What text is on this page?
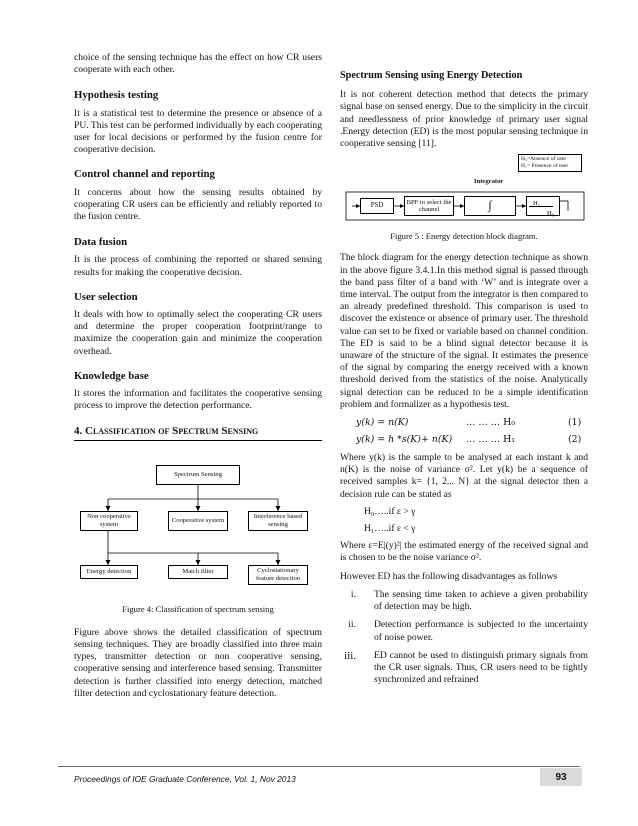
choice of the sensing technique has the effect on how CR users cooperate with each other.

Hypothesis testing

It is a statistical test to determine the presence or absence of a PU. This test can be performed individually by each cooperating user for local decisions or performed by the fusion centre for cooperative decision.

Control channel and reporting

It concerns about how the sensing results obtained by cooperating CR users can be efficiently and reliably reported to the fusion centre.

Data fusion

It is the process of combining the reported or shared sensing results for making the cooperative decision.

User selection

It deals with how to optimally select the cooperating CR users and determine the proper cooperation footprint/range to maximize the cooperation gain and minimize the cooperation overhead.

Knowledge base

It stores the information and facilitates the cooperative sensing process to improve the detection performance.

4. Classification of Spectrum Sensing
Spectrum Sensing
Non cooperative system
Cooperative system
Interference based sensing
Energy detection	Match filter	Cyclostationary feature detection

Figure 4: Classification of spectrum sensing

Figure above shows the detailed classification of spectrum sensing techniques. They are broadly classified into three main types, transmitter detection or non cooperative sensing, cooperative sensing and interference based sensing. Transmitter detection is further classified into energy detection, matched filter detection and cyclostationary feature detection.

Spectrum Sensing using Energy Detection

It is not coherent detection method that detects the primary signal base on sensed energy. Due to the simplicity in the circuit and needlessness of prior knowledge of primary user signal .Energy detection (ED) is the most popular sensing technique in cooperative sensing [11].

H₀=Absence of user
H₁= Presence of user
Integrator
PSD
BPF to select the channel	∫	H₁
H₀

Figure 5 : Energy detection block diagram.

The block diagram for the energy detection technique as shown in the above figure 3.4.1.In this method signal is passed through the band pass filter of a band with ‘W’ and is integrate over a time interval. The output from the integrator is then compared to an already predefined threshold. This comparison is used to discover the existence or absence of primary user. The threshold value can set to be fixed or variable based on channel condition. The ED is said to be a blind signal detector because it is unaware of the structure of the signal. It estimates the presence of the signal by comparing the energy received with a known threshold derived from the statistics of the noise. Analytically signal detection can be reduced to be a simple identification problem and formalizer as a hypothesis test.

y(k) = n(K)	… … … H₀	(1)
y(k) = h *s(K)+ n(K) … … … H₁	(2)

Where y(k) is the sample to be analysed at each instant k and n(K) is the noise of variance σ². Let y(k) be a sequence of received samples k= {1, 2... N} at the signal detector then a decision rule can be stated as

H₀…..if ε > γ
H₁…..if ε < γ

Where ε=E|(y)²| the estimated energy of the received signal and is chosen to be the noise variance σ².

However ED has the following disadvantages as follows

i. The sensing time taken to achieve a given probability of detection may be high.

ii. Detection performance is subjected to the uncertainty of noise power.

iii. ED cannot be used to distinguish primary signals from the CR user signals. Thus, CR users need to be tightly synchronized and refrained

Proceedings of IOE Graduate Conference, Vol. 1, Nov 2013	93
